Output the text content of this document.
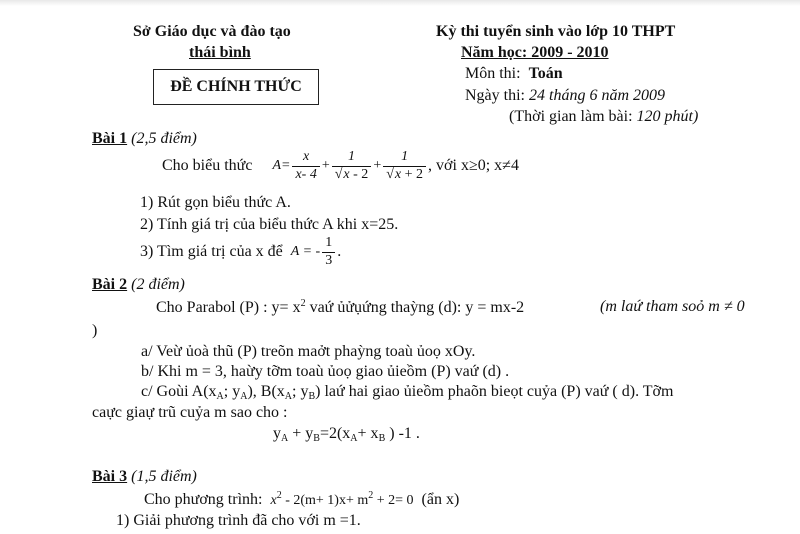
Sở Giáo dục và đào tạo
thái bình
ĐỀ CHÍNH THỨC
Kỳ thi tuyển sinh vào lớp 10 THPT
Năm học: 2009 - 2010
Môn thi: Toán
Ngày thi: 24 tháng 6 năm 2009
(Thời gian làm bài: 120 phút)
Bài 1 (2,5 điểm)
Cho biểu thức $A= \frac{x}{x- 4} + \frac{1}{√x - 2} + \frac{1}{√x + 2}$ , với x≥0; x≠4
1) Rút gọn biểu thức A.
2) Tính giá trị của biểu thức A khi x=25.
3) Tìm giá trị của x để A = - $\frac{1}{3}$ .
Bài 2 (2 điểm)
Cho Parabol (P) : $y= x^2$ vaứ ủửụứng thaỳng (d): y = mx-2	(m laứ tham soỏ m ≠ 0
)
a/ Veừ ủoà thũ (P) treõn maởt phaỳng toaù ủoọ xOy.
b/ Khi m = 3, haừy tỡm toaù ủoọ giao ủieồm (P) vaứ (d) .
c/ Goùi $A(x_A$; $y_A$), $B(x_A$; $y_B$) laứ hai giao ủieồm phaõn bieọt cuỷa (P) vaứ ( d). Tỡm
caực giaự trũ cuỷa m sao cho :
$y_A + y_B=2(x_A+ x_B$ ) -1 .
Bài 3 (1,5 điểm)
Cho phương trình: $x^2 - 2(m+ 1)x+ m^2 + 2= 0$ (ẩn x)
1) Giải phương trình đã cho với m =1.
